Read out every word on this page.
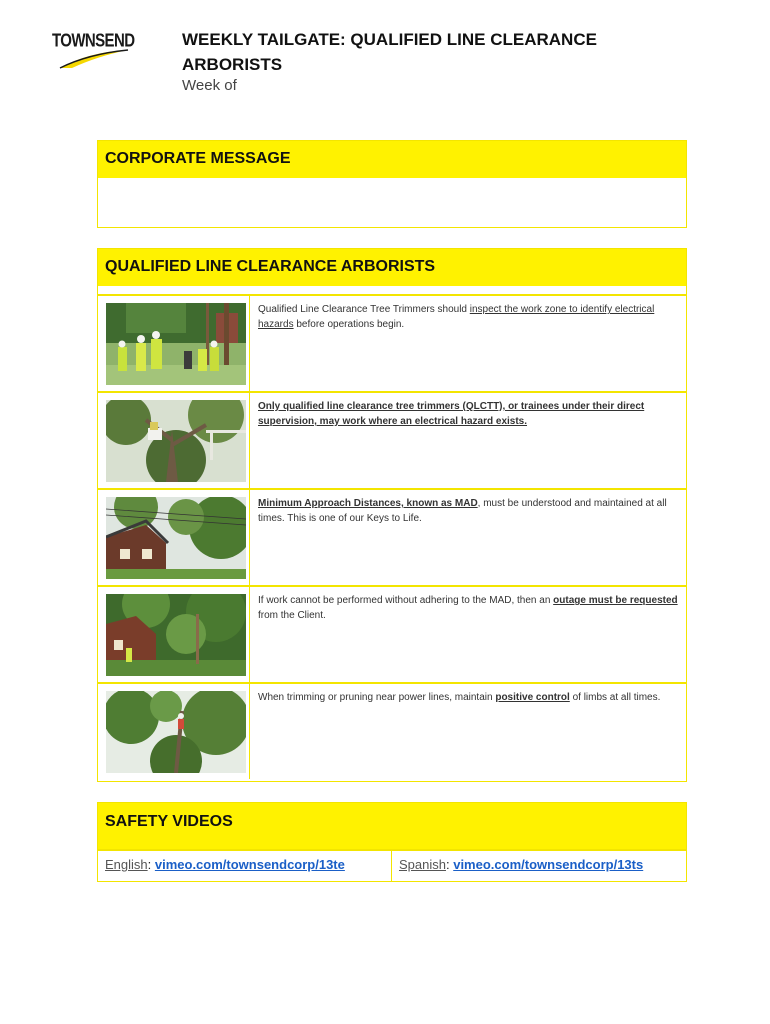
TOWNSEND	WEEKLY TAILGATE: QUALIFIED LINE CLEARANCE ARBORISTS
Week of
CORPORATE MESSAGE
QUALIFIED LINE CLEARANCE ARBORISTS
Qualified Line Clearance Tree Trimmers should inspect the work zone to identify electrical hazards before operations begin.
Only qualified line clearance tree trimmers (QLCTT), or trainees under their direct supervision, may work where an electrical hazard exists.
Minimum Approach Distances, known as MAD, must be understood and maintained at all times. This is one of our Keys to Life.
If work cannot be performed without adhering to the MAD, then an outage must be requested from the Client.
When trimming or pruning near power lines, maintain positive control of limbs at all times.
SAFETY VIDEOS
English: vimeo.com/townsendcorp/13te	Spanish: vimeo.com/townsendcorp/13ts
